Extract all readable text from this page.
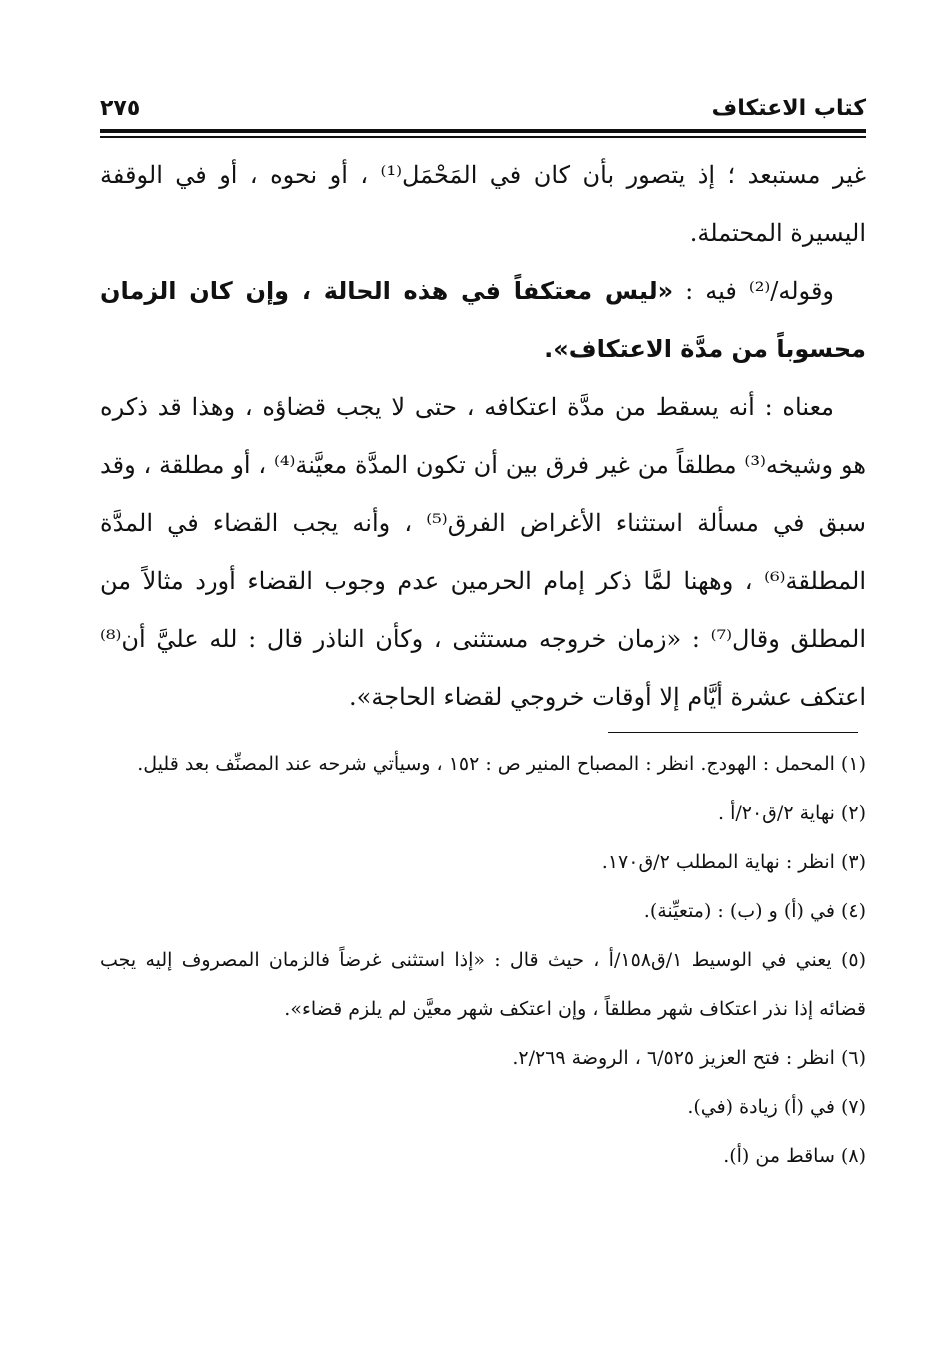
كتاب الاعتكاف
٢٧٥

غير مستبعد ؛ إذ يتصور بأن كان في المَحْمَل⁽¹⁾ ، أو نحوه ، أو في الوقفة اليسيرة المحتملة.

وقوله/⁽²⁾ فيه : «ليس معتكفاً في هذه الحالة ، وإن كان الزمان محسوباً من مدَّة الاعتكاف».

معناه : أنه يسقط من مدَّة اعتكافه ، حتى لا يجب قضاؤه ، وهذا قد ذكره هو وشيخه⁽³⁾ مطلقاً من غير فرق بين أن تكون المدَّة معيَّنة⁽⁴⁾ ، أو مطلقة ، وقد سبق في مسألة استثناء الأغراض الفرق⁽⁵⁾ ، وأنه يجب القضاء في المدَّة المطلقة⁽⁶⁾ ، وههنا لمَّا ذكر إمام الحرمين عدم وجوب القضاء أورد مثالاً من المطلق وقال⁽⁷⁾ : «زمان خروجه مستثنى ، وكأن الناذر قال : لله عليَّ أن⁽⁸⁾ اعتكف عشرة أيَّام إلا أوقات خروجي لقضاء الحاجة».

(١) المحمل : الهودج. انظر : المصباح المنير ص : ١٥٢ ، وسيأتي شرحه عند المصنِّف بعد قليل.

(٢) نهاية ٢/ق٢٠/أ .

(٣) انظر : نهاية المطلب ٢/ق١٧٠.

(٤) في (أ) و (ب) : (متعيِّنة).

(٥) يعني في الوسيط ١/ق١٥٨/أ ، حيث قال : «إذا استثنى غرضاً فالزمان المصروف إليه يجب قضائه إذا نذر اعتكاف شهر مطلقاً ، وإن اعتكف شهر معيَّن لم يلزم قضاء».

(٦) انظر : فتح العزيز ٦/٥٢٥ ، الروضة ٢/٢٦٩.

(٧) في (أ) زيادة (في).

(٨) ساقط من (أ).
